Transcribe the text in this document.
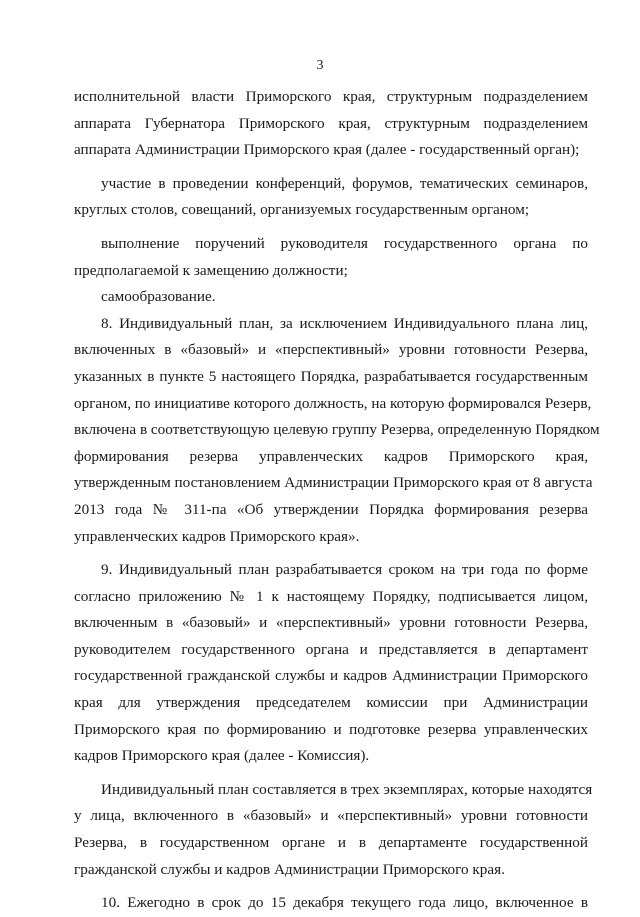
3
исполнительной власти Приморского края, структурным подразделением
аппарата Губернатора Приморского края, структурным подразделением
аппарата Администрации Приморского края (далее - государственный орган);
участие в проведении конференций, форумов, тематических семинаров,
круглых столов, совещаний, организуемых государственным органом;
выполнение поручений руководителя государственного органа по
предполагаемой к замещению должности;
самообразование.
8. Индивидуальный план, за исключением Индивидуального плана лиц,
включенных в «базовый» и «перспективный» уровни готовности Резерва,
указанных в пункте 5 настоящего Порядка, разрабатывается государственным
органом, по инициативе которого должность, на которую формировался Резерв,
включена в соответствующую целевую группу Резерва, определенную Порядком
формирования резерва управленческих кадров Приморского края,
утвержденным постановлением Администрации Приморского края от 8 августа
2013 года № 311-па «Об утверждении Порядка формирования резерва
управленческих кадров Приморского края».
9. Индивидуальный план разрабатывается сроком на три года по форме
согласно приложению № 1 к настоящему Порядку, подписывается лицом,
включенным в «базовый» и «перспективный» уровни готовности Резерва,
руководителем государственного органа и представляется в департамент
государственной гражданской службы и кадров Администрации Приморского
края для утверждения председателем комиссии при Администрации
Приморского края по формированию и подготовке резерва управленческих
кадров Приморского края (далее - Комиссия).
Индивидуальный план составляется в трех экземплярах, которые находятся
у лица, включенного в «базовый» и «перспективный» уровни готовности
Резерва, в государственном органе и в департаменте государственной
гражданской службы и кадров Администрации Приморского края.
10. Ежегодно в срок до 15 декабря текущего года лицо, включенное в
